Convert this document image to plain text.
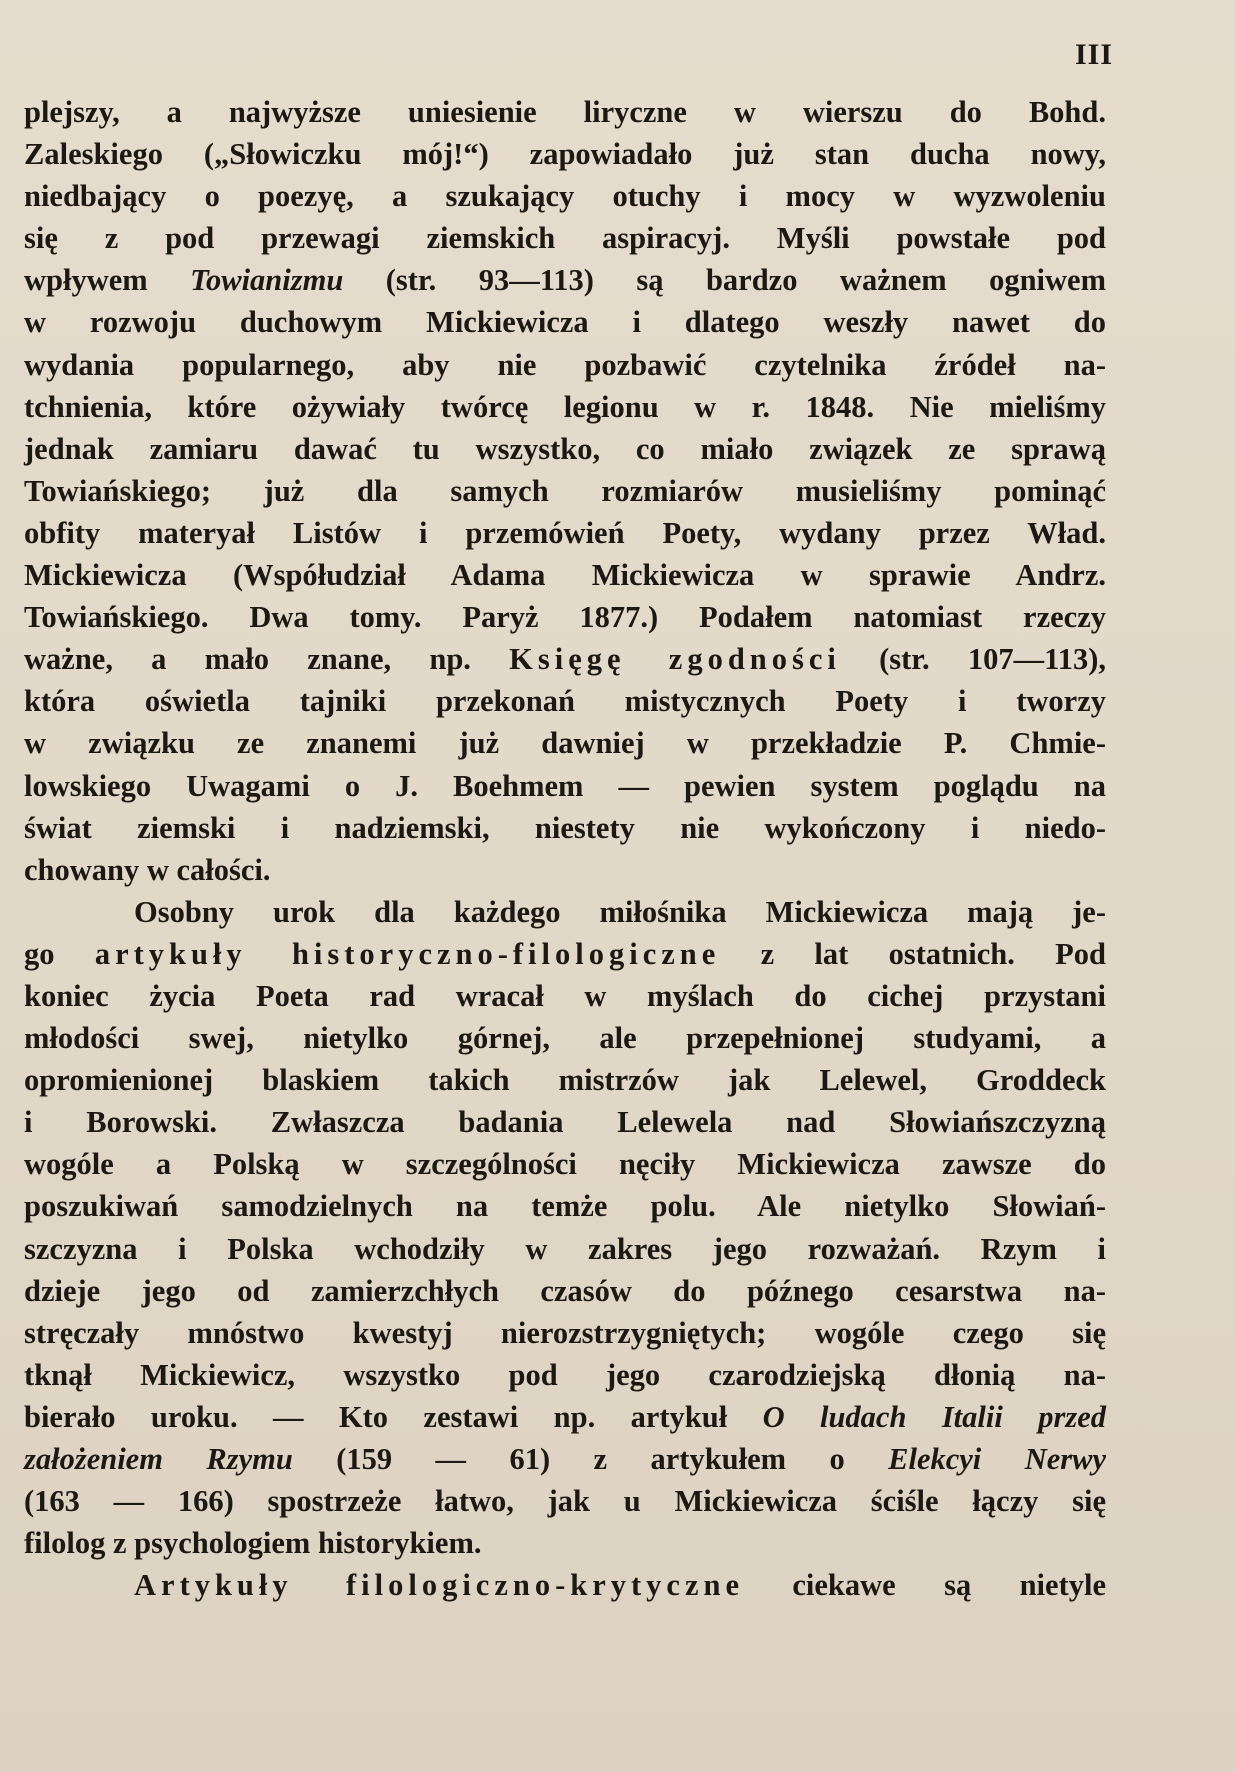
III
plejszy, a najwyższe uniesienie liryczne w wierszu do Bohd.
Zaleskiego („Słowiczku mój!“) zapowiadało już stan ducha nowy,
niedbający o poezyę, a szukający otuchy i mocy w wyzwoleniu
się z pod przewagi ziemskich aspiracyj. Myśli powstałe pod
wpływem Towianizmu (str. 93—113) są bardzo ważnem ogniwem
w rozwoju duchowym Mickiewicza i dlatego weszły nawet do
wydania popularnego, aby nie pozbawić czytelnika źródeł na-
tchnienia, które ożywiały twórcę legionu w r. 1848. Nie mieliśmy
jednak zamiaru dawać tu wszystko, co miało związek ze sprawą
Towiańskiego; już dla samych rozmiarów musieliśmy pominąć
obfity materyał Listów i przemówień Poety, wydany przez Wład.
Mickiewicza (Współudział Adama Mickiewicza w sprawie Andrz.
Towiańskiego. Dwa tomy. Paryż 1877.) Podałem natomiast rzeczy
ważne, a mało znane, np. Księgę zgodności (str. 107—113),
która oświetla tajniki przekonań mistycznych Poety i tworzy
w związku ze znanemi już dawniej w przekładzie P. Chmie-
lowskiego Uwagami o J. Boehmem — pewien system poglądu na
świat ziemski i nadziemski, niestety nie wykończony i niedo-
chowany w całości.
Osobny urok dla każdego miłośnika Mickiewicza mają je-
go artykuły historyczno-filologiczne z lat ostatnich. Pod
koniec życia Poeta rad wracał w myślach do cichej przystani
młodości swej, nietylko górnej, ale przepełnionej studyami, a
opromienionej blaskiem takich mistrzów jak Lelewel, Groddeck
i Borowski. Zwłaszcza badania Lelewela nad Słowiańszczyzną
wogóle a Polską w szczególności nęciły Mickiewicza zawsze do
poszukiwań samodzielnych na temże polu. Ale nietylko Słowiań-
szczyzna i Polska wchodziły w zakres jego rozważań. Rzym i
dzieje jego od zamierzchłych czasów do późnego cesarstwa na-
stręczały mnóstwo kwestyj nierozstrzygniętych; wogóle czego się
tknął Mickiewicz, wszystko pod jego czarodziejską dłonią na-
bierało uroku. — Kto zestawi np. artykuł O ludach Italii przed
założeniem Rzymu (159 — 61) z artykułem o Elekcyi Nerwy
(163 — 166) spostrzeże łatwo, jak u Mickiewicza ściśle łączy się
filolog z psychologiem historykiem.
Artykuły filologiczno-krytyczne ciekawe są nietyle
